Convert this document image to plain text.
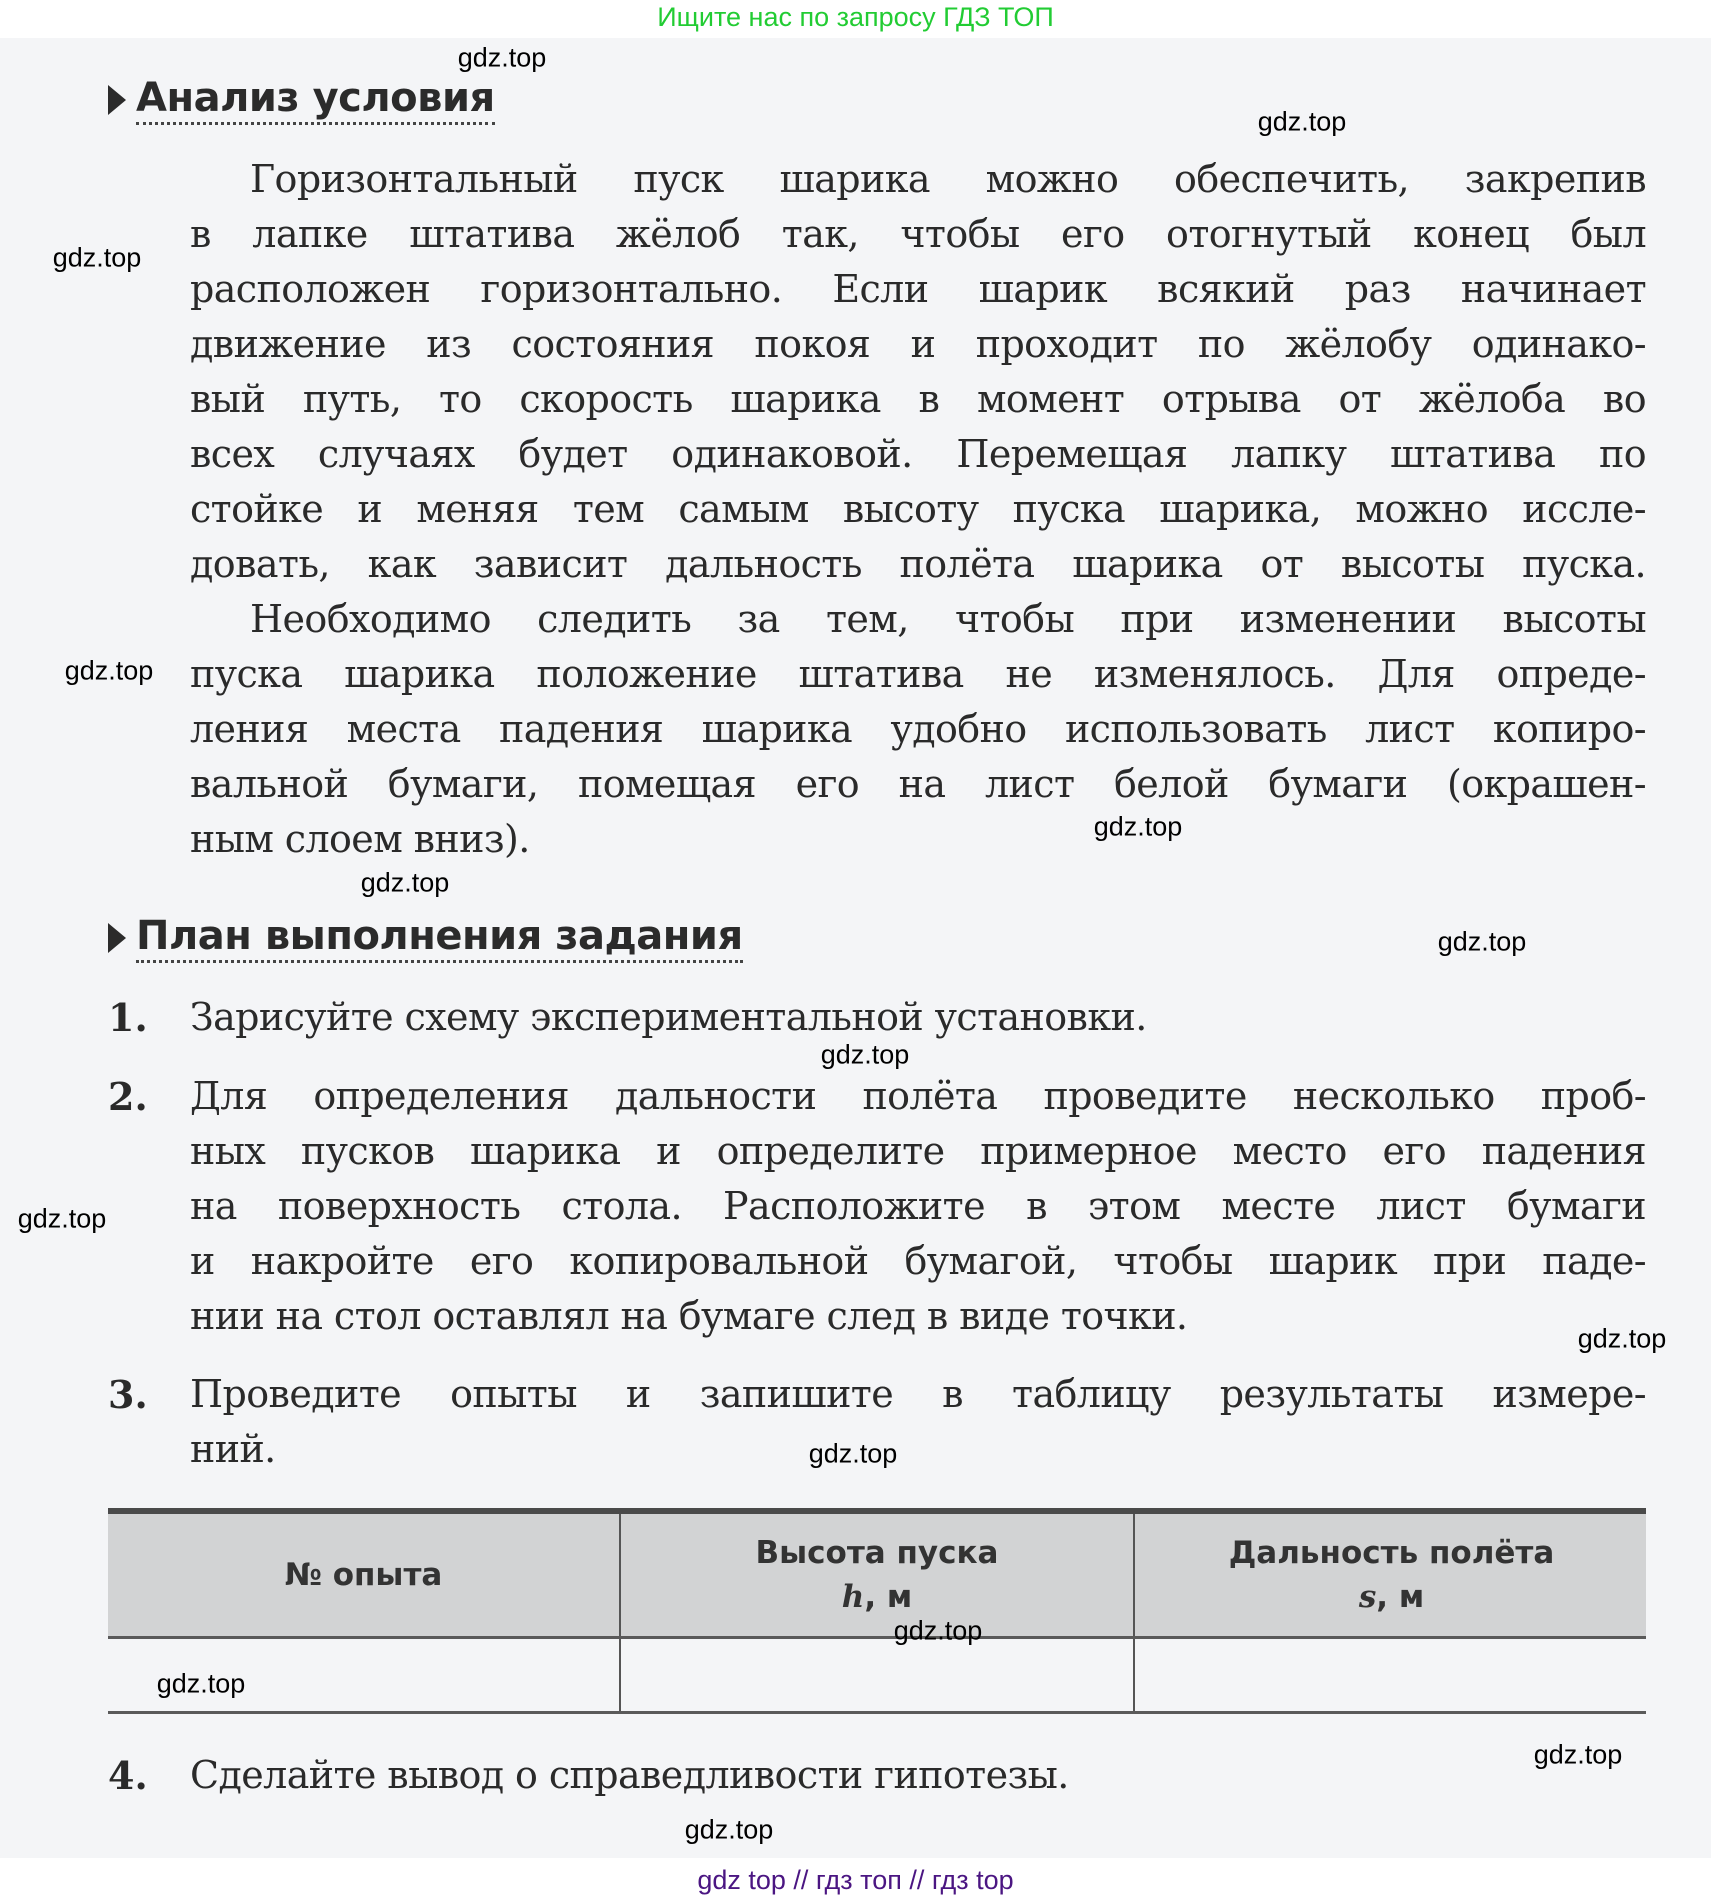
Ищите нас по запросу ГДЗ ТОП
Анализ условия
Горизонтальный пуск шарика можно обеспечить, закрепив
в лапке штатива жёлоб так, чтобы его отогнутый конец был
расположен горизонтально. Если шарик всякий раз начинает
движение из состояния покоя и проходит по жёлобу одинако-
вый путь, то скорость шарика в момент отрыва от жёлоба во
всех случаях будет одинаковой. Перемещая лапку штатива по
стойке и меняя тем самым высоту пуска шарика, можно иссле-
довать, как зависит дальность полёта шарика от высоты пуска.
Необходимо следить за тем, чтобы при изменении высоты
пуска шарика положение штатива не изменялось. Для опреде-
ления места падения шарика удобно использовать лист копиро-
вальной бумаги, помещая его на лист белой бумаги (окрашен-
ным слоем вниз).
План выполнения задания
1. Зарисуйте схему экспериментальной установки.
2. Для определения дальности полёта проведите несколько проб-
ных пусков шарика и определите примерное место его падения
на поверхность стола. Расположите в этом месте лист бумаги
и накройте его копировальной бумагой, чтобы шарик при паде-
нии на стол оставлял на бумаге след в виде точки.
3. Проведите опыты и запишите в таблицу результаты измере-
ний.
№ опыта
Высота пуска
h, м
Дальность полёта
s, м
4. Сделайте вывод о справедливости гипотезы.
gdz.top
gdz.top
gdz.top
gdz.top
gdz.top
gdz.top
gdz.top
gdz.top
gdz.top
gdz.top
gdz.top
gdz.top
gdz.top
gdz.top
gdz.top
gdz top // гдз топ // гдз top
